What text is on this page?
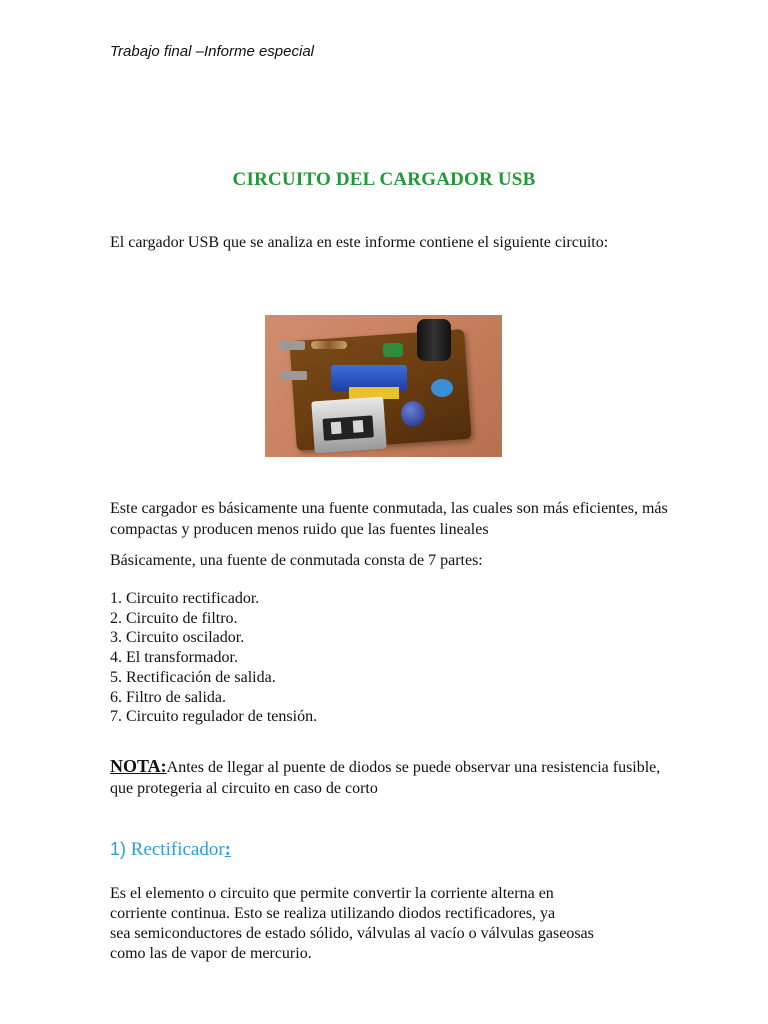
Trabajo final –Informe especial
CIRCUITO DEL CARGADOR USB
El cargador USB que se analiza en este informe contiene el siguiente circuito:
Este cargador es básicamente una fuente conmutada, las cuales son más eficientes, más compactas y producen menos ruido que las fuentes lineales
Básicamente, una fuente de conmutada consta de 7 partes:
1. Circuito rectificador.
2. Circuito de filtro.
3. Circuito oscilador.
4. El transformador.
5. Rectificación de salida.
6. Filtro de salida.
7. Circuito regulador de tensión.
NOTA:Antes de llegar al puente de diodos se puede observar una resistencia fusible, que protegeria al circuito en caso de corto
1) Rectificador:
Es el elemento o circuito que permite convertir la corriente alterna en
corriente continua. Esto se realiza utilizando diodos rectificadores, ya
sea semiconductores de estado sólido, válvulas al vacío o válvulas gaseosas
como las de vapor de mercurio.
